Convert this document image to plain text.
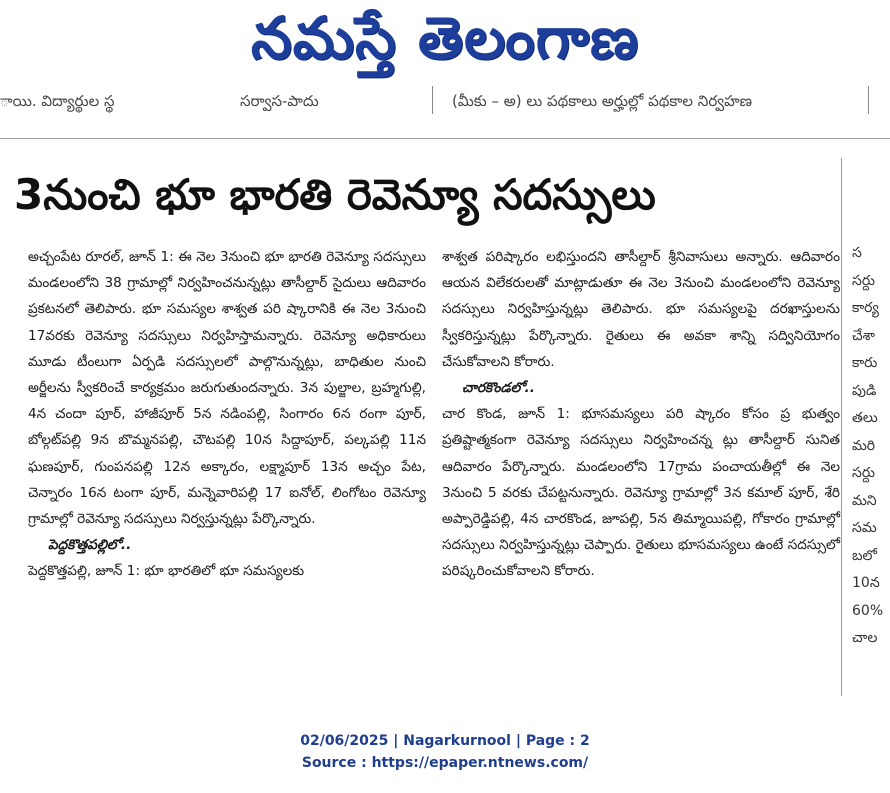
నమస్తే తెలంగాణ
ాయి. విద్యార్థుల స్థ	సర్వాస-పాదు	(మీకు – అ) లు పథకాలు అర్హుల్లో పథకాల నిర్వహణ
3నుంచి భూ భారతి రెవెన్యూ సదస్సులు
అచ్చంపేట రూరల్, జూన్ 1: ఈ నెల 3నుంచి భూ భారతి రెవెన్యూ సదస్సులు మండలంలోని 38 గ్రామాల్లో నిర్వహించనున్నట్లు తాసీల్దార్ సైదులు ఆదివారం ప్రకటనలో తెలిపారు. భూ సమస్యల శాశ్వత పరి ష్కారానికి ఈ నెల 3నుంచి 17వరకు రెవెన్యూ సదస్సులు నిర్వహిస్తామన్నారు. రెవెన్యూ అధికారులు మూడు టీంలుగా ఏర్పడి సదస్సులలో పాల్గొనున్నట్లు, బాధితుల నుంచి అర్జీలను స్వీకరించే కార్యక్రమం జరుగుతుందన్నారు. 3న పుల్జాల, బ్రహ్మగుల్లి, 4న చందా పూర్, హాజీపూర్ 5న నడింపల్లి, సింగారం 6న రంగా పూర్, బోల్గట్‌పల్లి 9న బొమ్మనపల్లి, చౌటపల్లి 10న సిద్దాపూర్, పల్కపల్లి 11న ఘణపూర్, గుంపనపల్లి 12న అక్కారం, లక్ష్మాపూర్ 13న అచ్చం పేట, చెన్నారం 16న టంగా పూర్, మన్నెవారిపల్లి 17 ఐనోల్, లింగోటం రెవెన్యూ గ్రామాల్లో రెవెన్యూ సదస్సులు నిర్వస్తున్నట్లు పేర్కొన్నారు.
పెద్దకొత్తపల్లిలో..
పెద్దకొత్తపల్లి, జూన్ 1: భూ భారతిలో భూ సమస్యలకు
శాశ్వత పరిష్కారం లభిస్తుందని తాసీల్దార్ శ్రీనివాసులు అన్నారు. ఆదివారం ఆయన విలేకరులతో మాట్లాడుతూ ఈ నెల 3నుంచి మండలంలోని రెవెన్యూ సదస్సులు నిర్వహిస్తున్నట్లు తెలిపారు. భూ సమస్యలపై దరఖాస్తులను స్వీకరిస్తున్నట్లు పేర్కొన్నారు. రైతులు ఈ అవకా శాన్ని సద్వినియోగం చేసుకోవాలని కోరారు.
చారకొండలో..
చార కొండ, జూన్ 1: భూసమస్యలు పరి ష్కారం కోసం ప్ర భుత్వం ప్రతిష్టాత్మకంగా రెవెన్యూ సదస్సులు నిర్వహించన్న ట్లు తాసీల్దార్ సునిత ఆదివారం పేర్కొన్నారు. మండలంలోని 17గ్రామ పంచాయతీల్లో ఈ నెల 3నుంచి 5 వరకు చేపట్టనున్నారు. రెవెన్యూ గ్రామాల్లో 3న కమాల్ పూర్, శేరి అప్పారెడ్డిపల్లి, 4న చారకొండ, జూపల్లి, 5న తిమ్మాయిపల్లి, గోకారం గ్రామాల్లో సదస్సులు నిర్వహిస్తున్నట్లు చెప్పారు. రైతులు భూసమస్యలు ఉంటే సదస్సులో పరిష్కరించుకోవాలని కోరారు.
స
సర్దు
కార్య
చేశా
కారు
పుడి
తలు
మరి
సర్దు
మని
సమ
బలో
10న
60%
చాల
02/06/2025 | Nagarkurnool | Page : 2
Source : https://epaper.ntnews.com/
